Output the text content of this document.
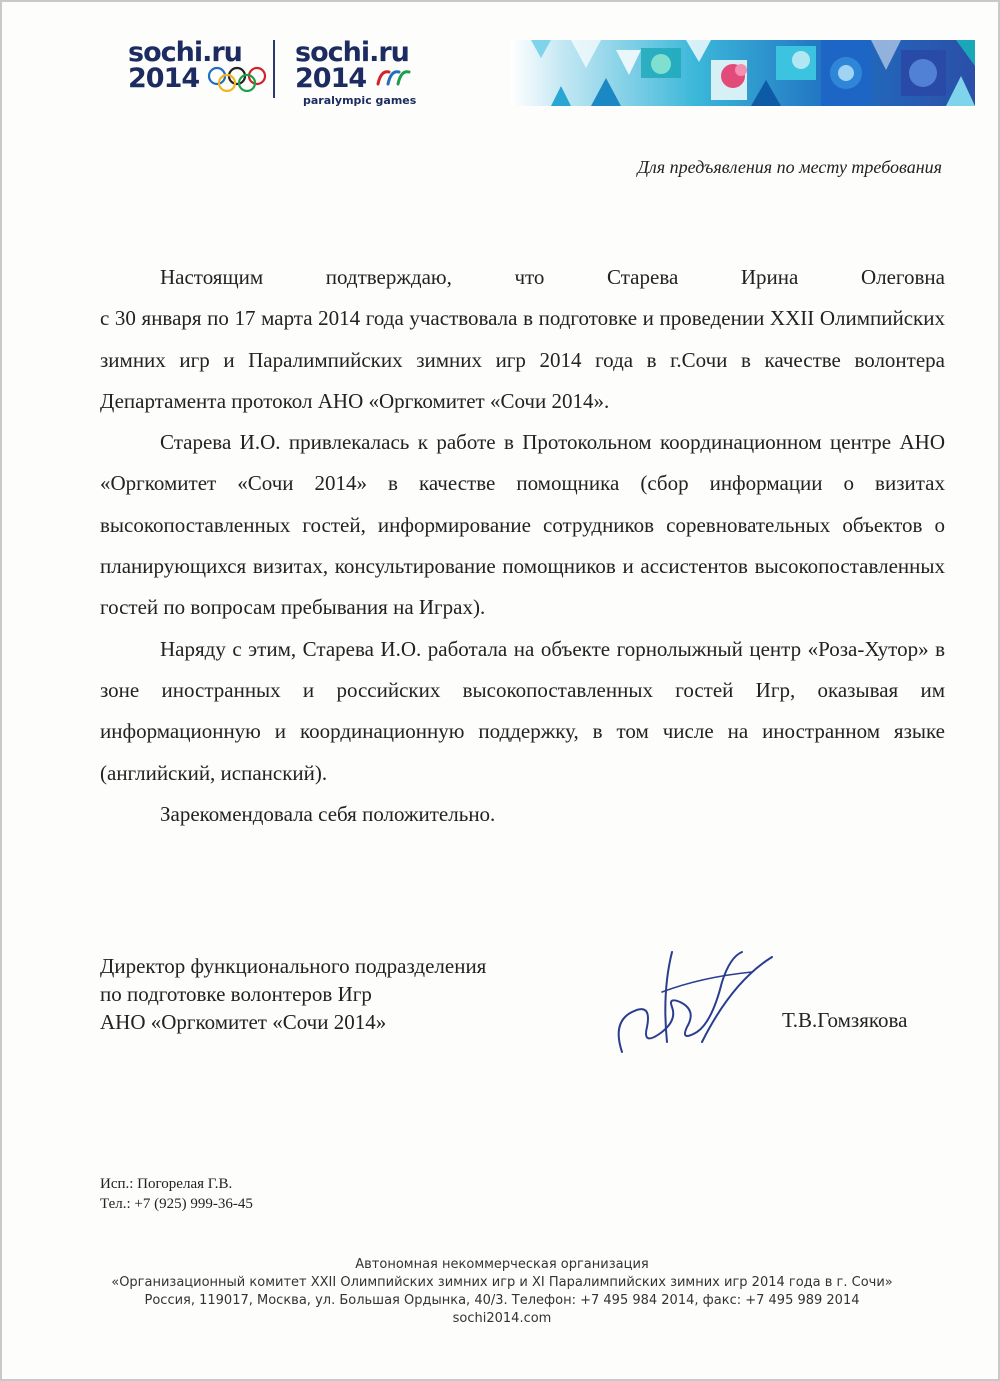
sochi.ru
2014
sochi.ru
2014
paralympic games
Для предъявления по месту требования

Настоящим подтверждаю, что Старева Ирина Олеговна

с 30 января по 17 марта 2014 года участвовала в подготовке и проведении XXII Олимпийских зимних игр и Паралимпийских зимних игр 2014 года в г.Сочи в качестве волонтера Департамента протокол АНО «Оргкомитет «Сочи 2014».

Старева И.О. привлекалась к работе в Протокольном координационном центре АНО «Оргкомитет «Сочи 2014» в качестве помощника (сбор информации о визитах высокопоставленных гостей, информирование сотрудников соревновательных объектов о планирующихся визитах, консультирование помощников и ассистентов высокопоставленных гостей по вопросам пребывания на Играх).

Наряду с этим, Старева И.О. работала на объекте горнолыжный центр «Роза-Хутор» в зоне иностранных и российских высокопоставленных гостей Игр, оказывая им информационную и координационную поддержку, в том числе на иностранном языке (английский, испанский).

Зарекомендовала себя положительно.

Директор функционального подразделения
по подготовке волонтеров Игр
АНО «Оргкомитет «Сочи 2014»	Т.В.Гомзякова
Исп.: Погорелая Г.В.
Тел.: +7 (925) 999-36-45
Автономная некоммерческая организация
«Организационный комитет XXII Олимпийских зимних игр и XI Паралимпийских зимних игр 2014 года в г. Сочи»
Россия, 119017, Москва, ул. Большая Ордынка, 40/3. Телефон: +7 495 984 2014, факс: +7 495 989 2014
sochi2014.com
